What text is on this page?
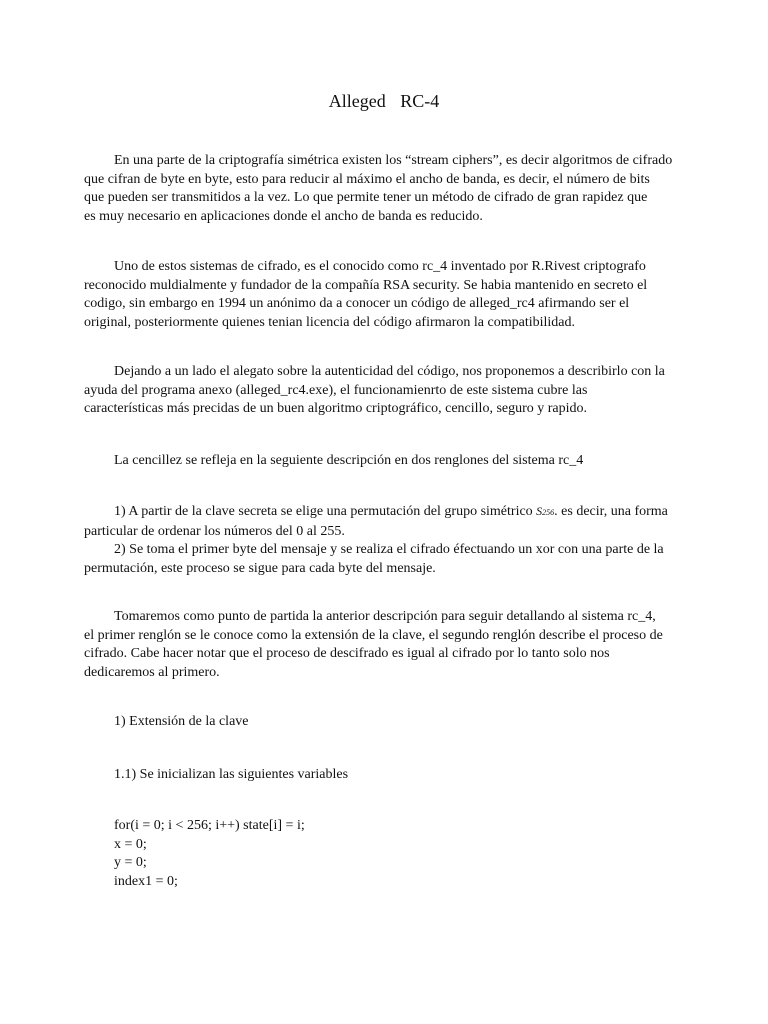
Alleged RC-4
En una parte de la criptografía simétrica existen los “stream ciphers”, es decir algoritmos de cifrado
que cifran de byte en byte, esto para reducir al máximo el ancho de banda, es decir, el número de bits
que pueden ser transmitidos a la vez. Lo que permite tener un método de cifrado de gran rapidez que
es muy necesario en aplicaciones donde el ancho de banda es reducido.
Uno de estos sistemas de cifrado, es el conocido como rc_4 inventado por R.Rivest criptografo
reconocido muldialmente y fundador de la compañía RSA security. Se habia mantenido en secreto el
codigo, sin embargo en 1994 un anónimo da a conocer un código de alleged_rc4 afirmando ser el
original, posteriormente quienes tenian licencia del código afirmaron la compatibilidad.
Dejando a un lado el alegato sobre la autenticidad del código, nos proponemos a describirlo con la
ayuda del programa anexo (alleged_rc4.exe), el funcionamienrto de este sistema cubre las
características más precidas de un buen algoritmo criptográfico, cencillo, seguro y rapido.
La cencillez se refleja en la seguiente descripción en dos renglones del sistema rc_4
1) A partir de la clave secreta se elige una permutación del grupo simétrico S256. es decir, una forma
particular de ordenar los números del 0 al 255.
2) Se toma el primer byte del mensaje y se realiza el cifrado éfectuando un xor con una parte de la
permutación, este proceso se sigue para cada byte del mensaje.
Tomaremos como punto de partida la anterior descripción para seguir detallando al sistema rc_4,
el primer renglón se le conoce como la extensión de la clave, el segundo renglón describe el proceso de
cifrado. Cabe hacer notar que el proceso de descifrado es igual al cifrado por lo tanto solo nos
dedicaremos al primero.
1) Extensión de la clave
1.1) Se inicializan las siguientes variables
for(i = 0; i < 256; i++) state[i] = i;
x = 0;
y = 0;
index1 = 0;
